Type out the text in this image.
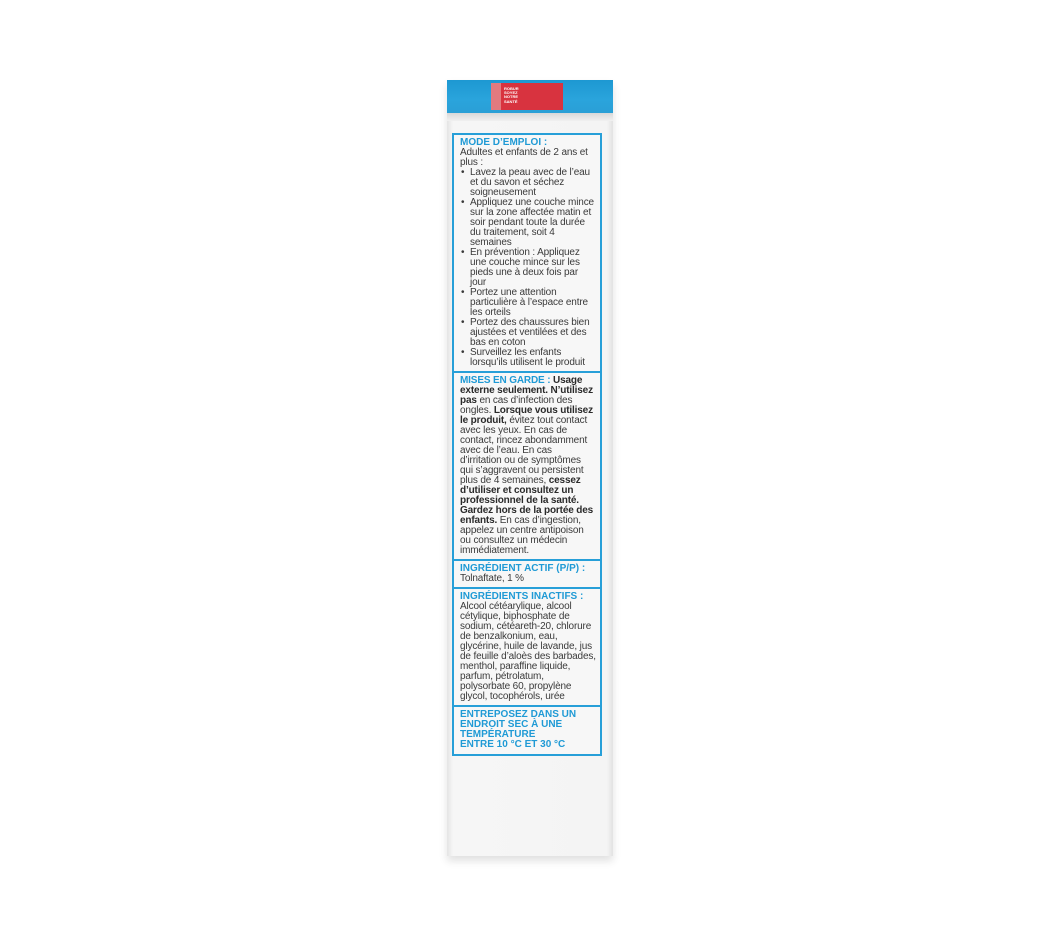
ROBUR
SOYEZ
NOTRE
SANTÉ
MODE D’EMPLOI :
Adultes et enfants de 2 ans et plus :
• Lavez la peau avec de l’eau et du savon et séchez soigneusement
• Appliquez une couche mince sur la zone affectée matin et soir pendant toute la durée du traitement, soit 4 semaines
• En prévention : Appliquez une couche mince sur les pieds une à deux fois par jour
• Portez une attention particulière à l’espace entre les orteils
• Portez des chaussures bien ajustées et ventilées et des bas en coton
• Surveillez les enfants lorsqu’ils utilisent le produit
MISES EN GARDE : Usage externe seulement. N’utilisez pas en cas d’infection des ongles. Lorsque vous utilisez le produit, évitez tout contact avec les yeux. En cas de contact, rincez abondamment avec de l’eau. En cas d’irritation ou de symptômes qui s’aggravent ou persistent plus de 4 semaines, cessez d’utiliser et consultez un professionnel de la santé. Gardez hors de la portée des enfants. En cas d’ingestion, appelez un centre antipoison ou consultez un médecin immédiatement.
INGRÉDIENT ACTIF (P/P) :
Tolnaftate, 1 %
INGRÉDIENTS INACTIFS :
Alcool cétéarylique, alcool cétylique, biphosphate de sodium, cétéareth-20, chlorure de benzalkonium, eau, glycérine, huile de lavande, jus de feuille d’aloès des barbades, menthol, paraffine liquide, parfum, pétrolatum, polysorbate 60, propylène glycol, tocophérols, urée
ENTREPOSEZ DANS UN
ENDROIT SEC À UNE
TEMPÉRATURE
ENTRE 10 °C ET 30 °C
